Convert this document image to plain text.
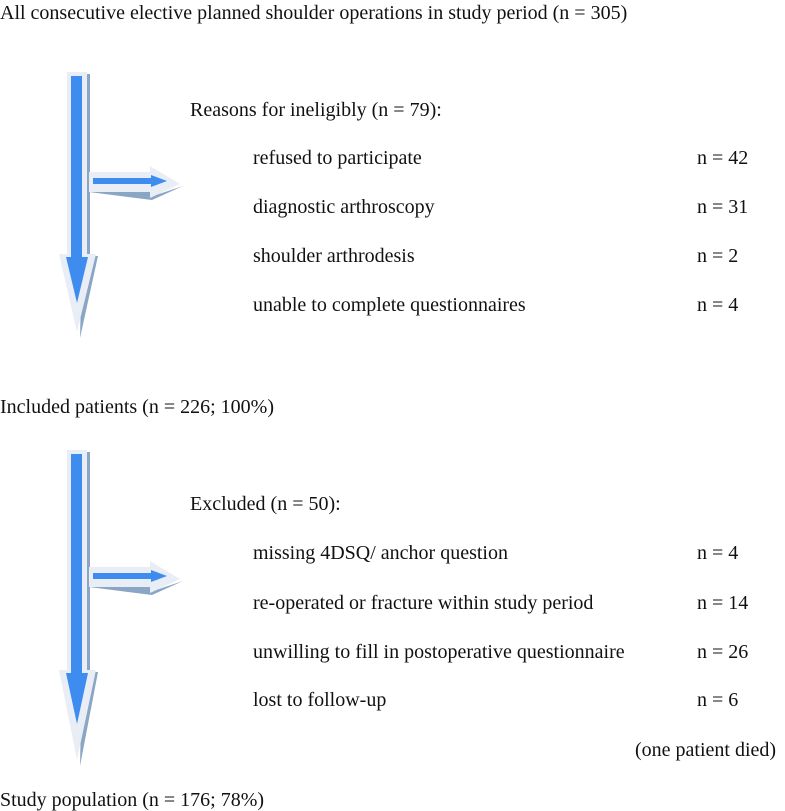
All consecutive elective planned shoulder operations in study period (n = 305)
Reasons for ineligibly (n = 79):
refused to participate	n = 42
diagnostic arthroscopy	n = 31
shoulder arthrodesis	n = 2
unable to complete questionnaires	n = 4
Included patients (n = 226; 100%)
Excluded (n = 50):
missing 4DSQ/ anchor question	n = 4
re-operated or fracture within study period	n = 14
unwilling to fill in postoperative questionnaire	n = 26
lost to follow-up	n = 6
(one patient died)
Study population (n = 176; 78%)
